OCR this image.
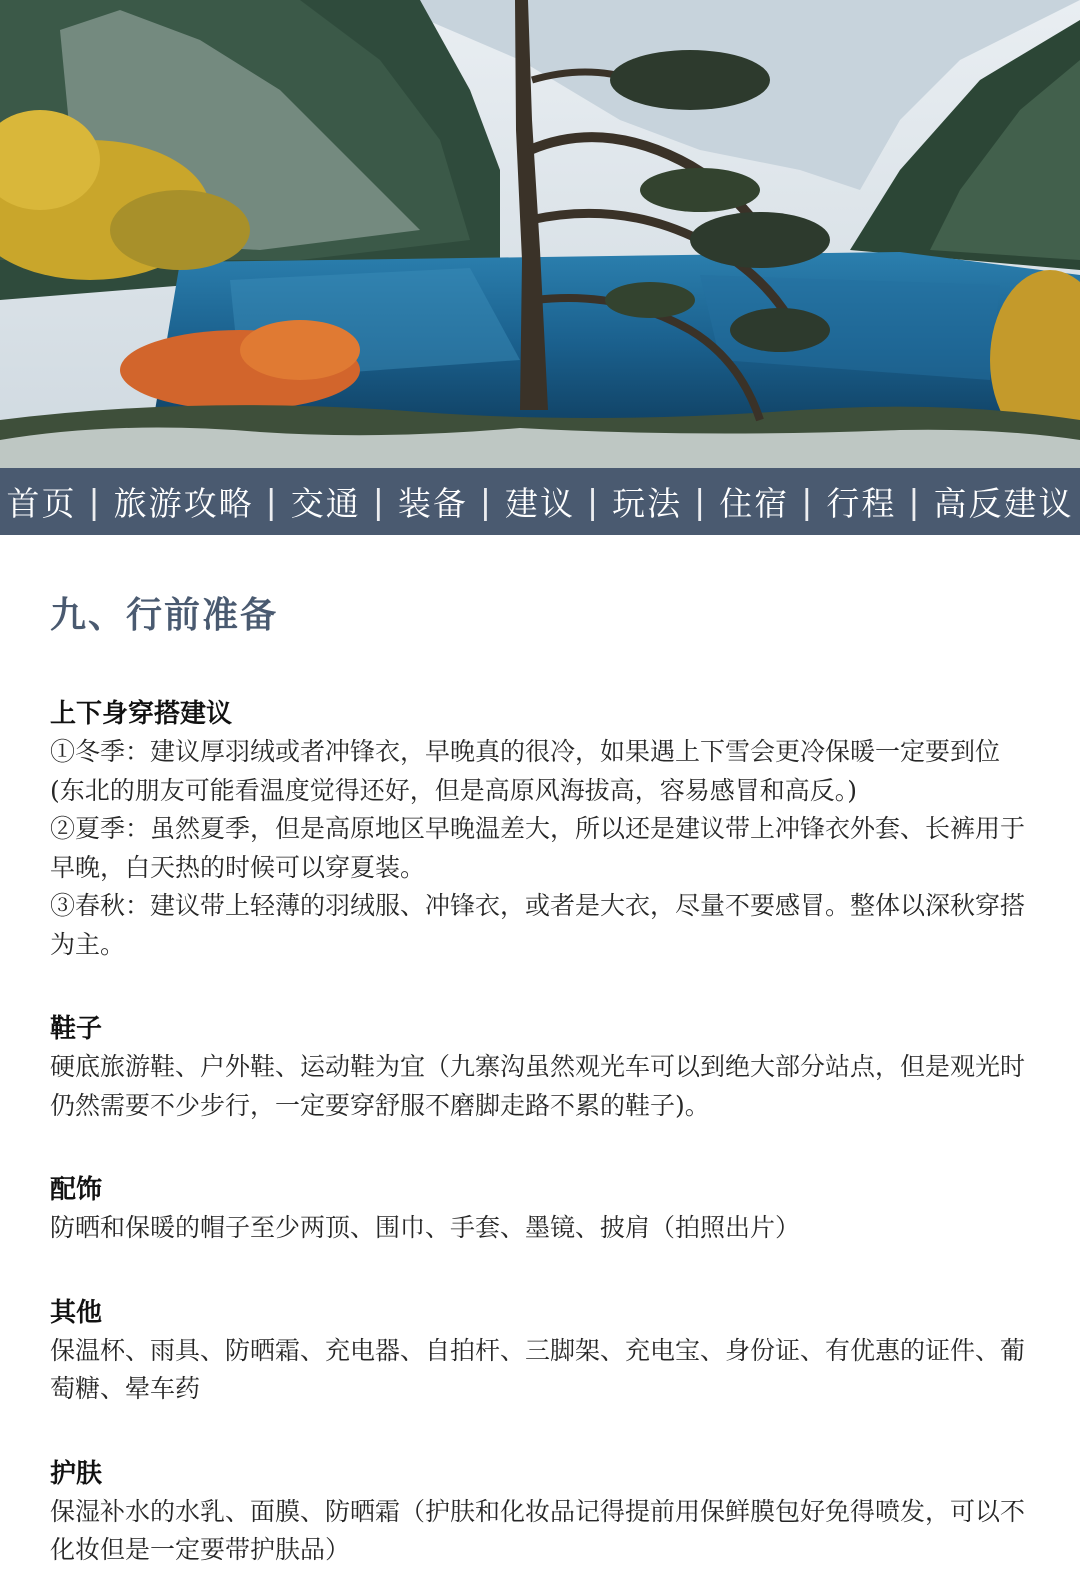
首页 | 旅游攻略 | 交通 | 装备 | 建议 | 玩法 | 住宿 | 行程 | 高反建议
九、行前准备
上下身穿搭建议

①冬季：建议厚羽绒或者冲锋衣，早晚真的很冷，如果遇上下雪会更冷保暖一定要到位(东北的朋友可能看温度觉得还好，但是高原风海拔高，容易感冒和高反。)

②夏季：虽然夏季，但是高原地区早晚温差大，所以还是建议带上冲锋衣外套、长裤用于早晚，白天热的时候可以穿夏装。

③春秋：建议带上轻薄的羽绒服、冲锋衣，或者是大衣，尽量不要感冒。整体以深秋穿搭为主。

鞋子

硬底旅游鞋、户外鞋、运动鞋为宜（九寨沟虽然观光车可以到绝大部分站点，但是观光时仍然需要不少步行，一定要穿舒服不磨脚走路不累的鞋子)。

配饰

防晒和保暖的帽子至少两顶、围巾、手套、墨镜、披肩（拍照出片）

其他

保温杯、雨具、防晒霜、充电器、自拍杆、三脚架、充电宝、身份证、有优惠的证件、葡萄糖、晕车药

护肤

保湿补水的水乳、面膜、防晒霜（护肤和化妆品记得提前用保鲜膜包好免得喷发，可以不化妆但是一定要带护肤品）
